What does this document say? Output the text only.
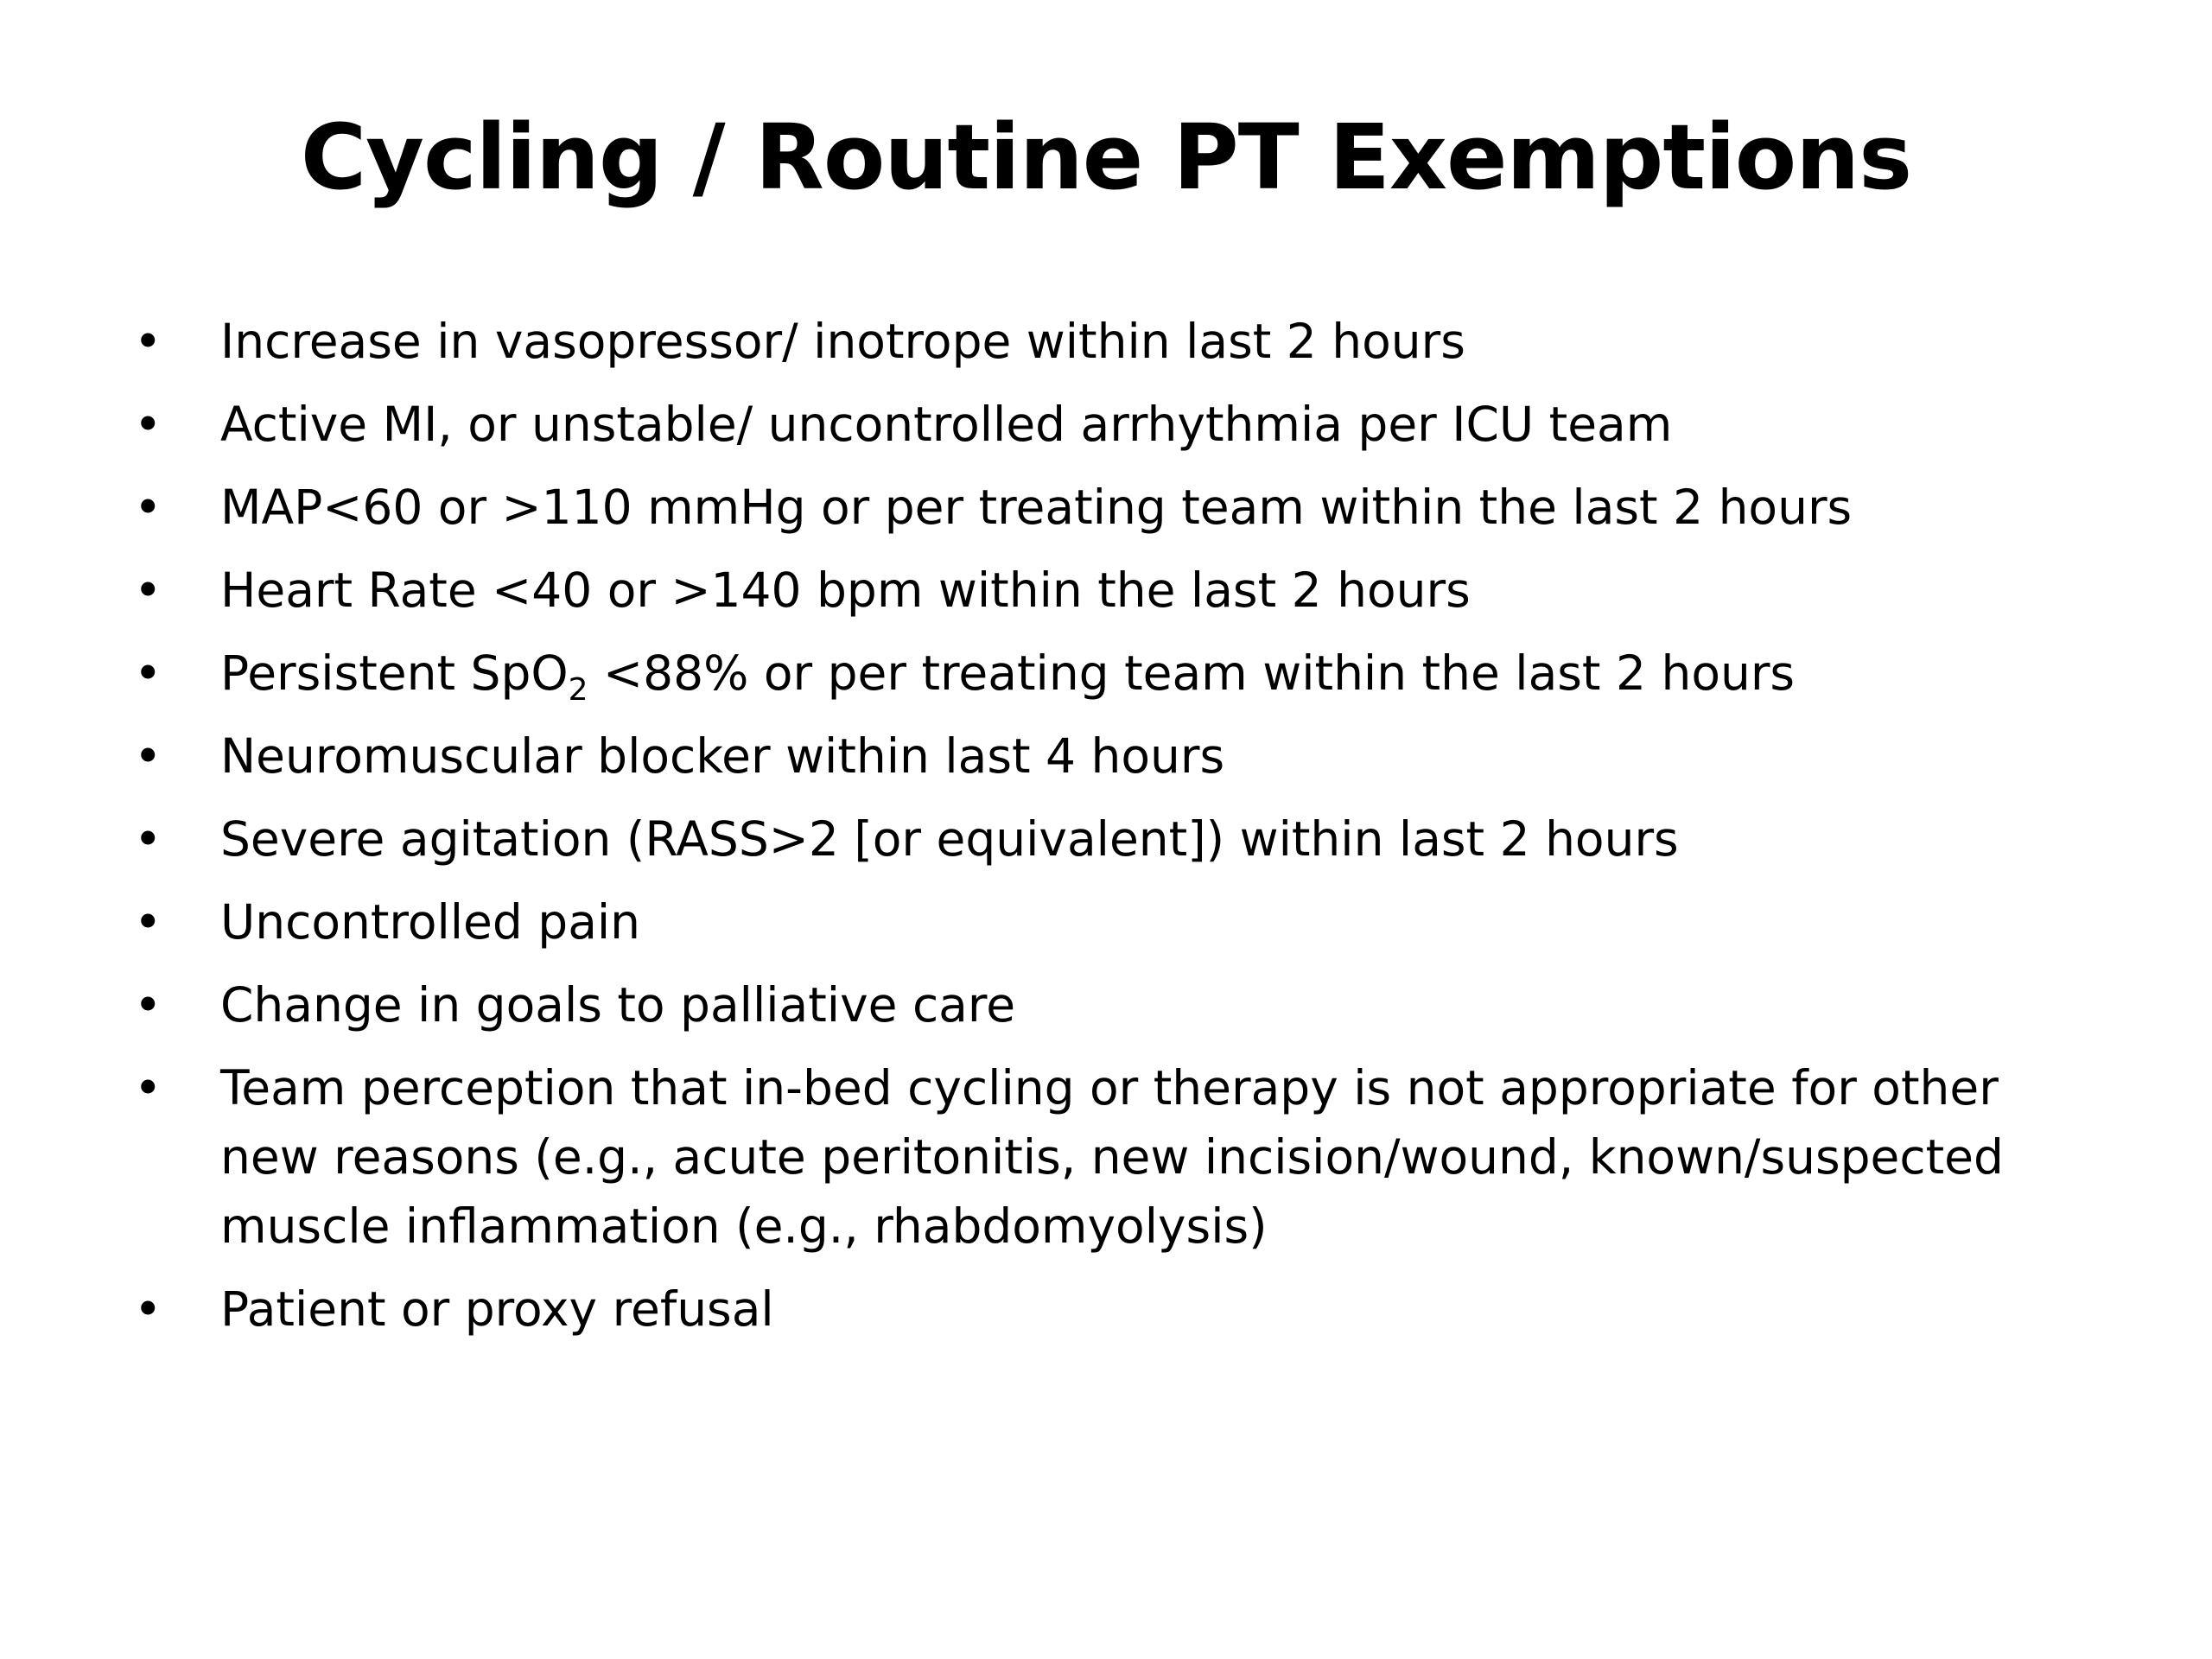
Cycling / Routine PT Exemptions
• Increase in vasopressor/ inotrope within last 2 hours
• Active MI, or unstable/ uncontrolled arrhythmia per ICU team
• MAP<60 or >110 mmHg or per treating team within the last 2 hours
• Heart Rate <40 or >140 bpm within the last 2 hours
• Persistent SpO$_2$ <88% or per treating team within the last 2 hours
• Neuromuscular blocker within last 4 hours
• Severe agitation (RASS>2 [or equivalent]) within last 2 hours
• Uncontrolled pain
• Change in goals to palliative care
• Team perception that in-bed cycling or therapy is not appropriate for other new reasons (e.g., acute peritonitis, new incision/wound, known/suspected muscle inflammation (e.g., rhabdomyolysis)
• Patient or proxy refusal
